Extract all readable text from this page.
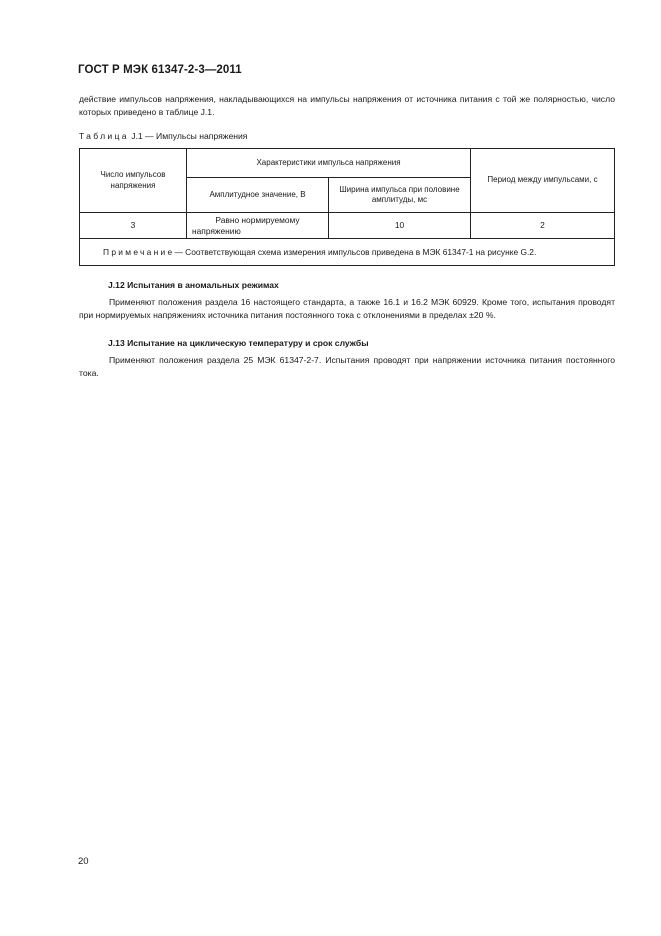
ГОСТ Р МЭК 61347-2-3—2011
действие импульсов напряжения, накладывающихся на импульсы напряжения от источника питания с той же полярностью, число которых приведено в таблице J.1.
Таблица J.1 — Импульсы напряжения
Число импульсов напряжения	Характеристики импульса напряжения		Период между импульсами, с
	Амплитудное значение, В	Ширина импульса при половине амплитуды, мс	
3	Равно нормируемому напряжению	10	2
Примечание— Соответствующая схема измерения импульсов приведена в МЭК 61347-1 на рисунке G.2.			
J.12 Испытания в аномальных режимах
Применяют положения раздела 16 настоящего стандарта, а также 16.1 и 16.2 МЭК 60929. Кроме того, испытания проводят при нормируемых напряжениях источника питания постоянного тока с отклонениями в пределах ±20 %.
J.13 Испытание на циклическую температуру и срок службы
Применяют положения раздела 25 МЭК 61347-2-7. Испытания проводят при напряжении источника питания постоянного тока.
20
